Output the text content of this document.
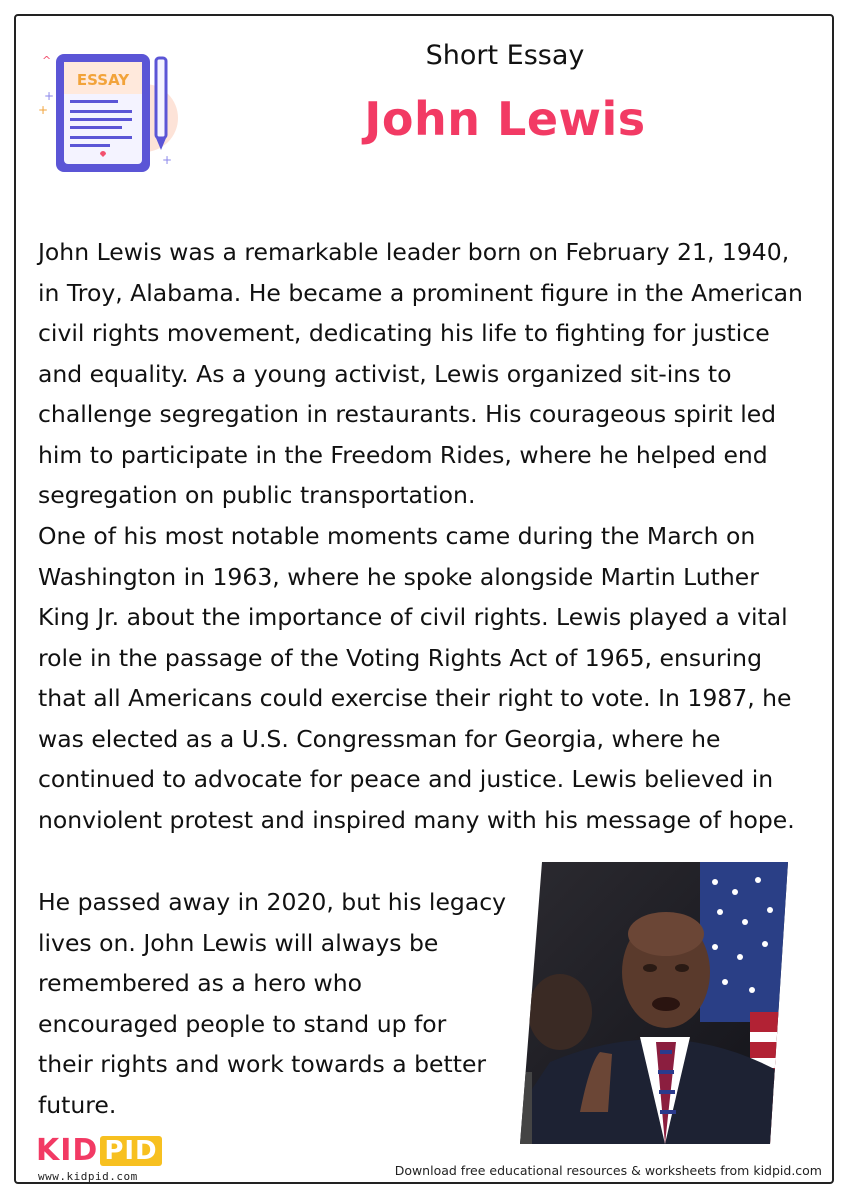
ESSAY
^
+
+
+
Short Essay
John Lewis

John Lewis was a remarkable leader born on February 21, 1940, in Troy, Alabama. He became a prominent figure in the American civil rights movement, dedicating his life to fighting for justice and equality. As a young activist, Lewis organized sit-ins to challenge segregation in restaurants. His courageous spirit led him to participate in the Freedom Rides, where he helped end segregation on public transportation.

One of his most notable moments came during the March on Washington in 1963, where he spoke alongside Martin Luther King Jr. about the importance of civil rights. Lewis played a vital role in the passage of the Voting Rights Act of 1965, ensuring that all Americans could exercise their right to vote. In 1987, he was elected as a U.S. Congressman for Georgia, where he continued to advocate for peace and justice. Lewis believed in nonviolent protest and inspired many with his message of hope.

He passed away in 2020, but his legacy lives on. John Lewis will always be remembered as a hero who encouraged people to stand up for their rights and work towards a better future.

KID PID
www.kidpid.com	Download free educational resources & worksheets from kidpid.com
